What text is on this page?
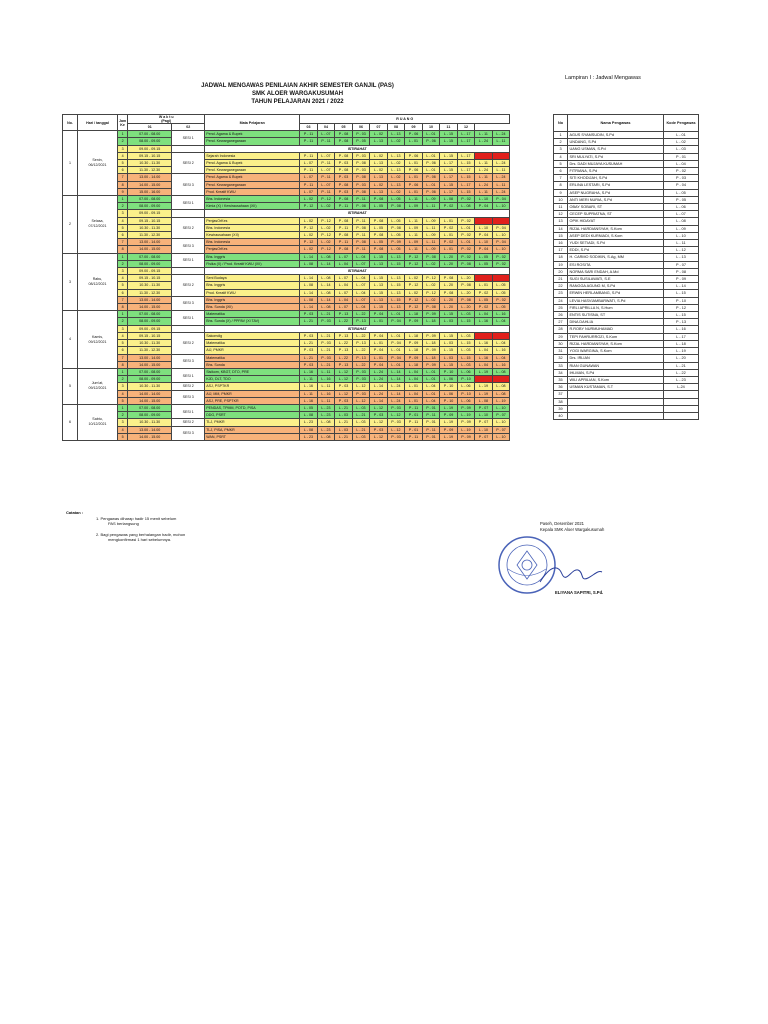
Lampiran I : Jadwal Mengawas
JADWAL MENGAWAS PENILAIAN AKHIR SEMESTER GANJIL (PAS)
SMK ALOER WARGAKUSUMAH
TAHUN PELAJARAN 2021 / 2022
No.	Hari / tanggal	Jam Ke	W a k t u
(Pagi)		Mata Pelajaran	R U A N G											
			01	02		03	04	05	06	07	08	09	10	11	12		
1	Senin,
06/12/2021	1	07.00 - 08.00	SESI 1	Pend. Agama & Bupek	P - 11	L - 07	P - 08	P - 03	L - 02	L - 13	P - 06	L - 01	L - 15	L - 17	L - 11	L - 24
		2	08.00 - 09.00		Pend. Kewarganegaraan	P - 11	P - 11	P - 08	P - 05	L - 13	L - 02	L - 01	P - 06	L - 15	L - 17	L - 24	L - 11
		3	09.00 - 09.15		ISTIRAHAT												
		4	09.15 - 10.15	SESI 2	Sejarah Indonesia	P - 11	L - 07	P - 08	P - 03	L - 02	L - 13	P - 06	L - 01	L - 15	L - 17		
		5	10.30 - 11.30		Pend. Agama & Bupek	L - 07	P - 11	P - 03	P - 08	L - 13	L - 02	L - 01	P - 06	L - 17	L - 15	L - 11	L - 24
		6	11.30 - 12.30		Pend. Kewarganegaraan	P - 11	L - 07	P - 08	P - 03	L - 02	L - 13	P - 06	L - 01	L - 15	L - 17	L - 24	L - 11
		7	13.00 - 14.00	SESI 3	Pend. Agama & Bupek	L - 07	P - 11	P - 03	P - 08	L - 13	L - 02	L - 01	P - 06	L - 17	L - 15	L - 11	L - 24
		8	14.00 - 15.00		Pend. Kewarganegaraan	P - 11	L - 07	P - 08	P - 03	L - 02	L - 13	P - 06	L - 01	L - 15	L - 17	L - 24	L - 11
		9	15.00 - 16.00		Prod. Kreatif KWU	L - 07	P - 11	P - 03	P - 08	L - 13	L - 02	L - 01	P - 06	L - 17	L - 15	L - 11	L - 24
2	Selasa,
07/12/2021	1	07.00 - 08.00	SESI 1	Bhs. Indonesia	L - 02	P - 12	P - 08	P - 11	P - 08	L - 05	L - 11	L - 09	L - 08	P - 02	L - 10	P - 04
		2	08.00 - 09.00		Kimia (X) / Kewirausahaan (XII)	P - 12	L - 02	P - 11	P - 08	L - 05	P - 08	L - 09	L - 11	P - 02	L - 08	P - 04	L - 10
		3	09.00 - 09.15		ISTIRAHAT												
		4	09.15 - 10.15	SESI 2	PenjasOrKes	L - 02	P - 12	P - 08	P - 11	P - 08	L - 05	L - 11	L - 09	L - 01	P - 02		
		5	10.30 - 11.30		Bhs. Indonesia	P - 12	L - 02	P - 11	P - 08	L - 05	P - 08	L - 09	L - 11	P - 02	L - 01	L - 10	P - 04
		6	11.30 - 12.30		Kewirausahaan (XII)	L - 02	P - 12	P - 08	P - 11	P - 08	L - 05	L - 11	L - 09	L - 01	P - 02	P - 04	L - 10
		7	13.00 - 14.00	SESI 3	Bhs. Indonesia	P - 12	L - 02	P - 11	P - 08	L - 05	P - 09	L - 09	L - 11	P - 02	L - 01	L - 10	P - 04
		8	14.00 - 15.00		PenjasOrKes	L - 02	P - 12	P - 08	P - 11	P - 08	L - 05	L - 11	L - 09	L - 01	P - 02	P - 04	L - 10
3	Rabu,
08/12/2021	1	07.00 - 08.00	SESI 1	Bhs. Inggris	L - 14	L - 08	L - 07	L - 04	L - 15	L - 13	P - 12	P - 08	L - 20	P - 02	L - 05	P - 02
		2	08.00 - 09.00		Fisika (X) / Prod. Kreatif KWU (XII)	L - 08	L - 14	L - 04	L - 07	L - 13	L - 15	P - 12	L - 02	L - 20	P - 08	L - 05	P - 02
		3	09.00 - 09.15		ISTIRAHAT												
		4	09.15 - 10.15	SESI 2	Seni Budaya	L - 14	L - 08	L - 07	L - 04	L - 15	L - 13	L - 02	P - 12	P - 08	L - 20		
		5	10.30 - 11.30		Bhs. Inggris	L - 08	L - 14	L - 04	L - 07	L - 13	L - 15	P - 12	L - 02	L - 20	P - 08	L - 01	L - 05
		6	11.30 - 12.30		Prod. Kreatif KWU	L - 14	L - 08	L - 07	L - 04	L - 15	L - 13	L - 02	P - 12	P - 08	L - 20	P - 02	L - 05
		7	13.00 - 14.00	SESI 3	Bhs. Inggris	L - 08	L - 14	L - 04	L - 07	L - 13	L - 15	P - 12	L - 02	L - 20	P - 08	L - 05	P - 02
		8	14.00 - 15.00		Bhs. Sunda (XII)	L - 14	L - 08	L - 07	L - 04	L - 15	L - 13	P - 12	P - 08	L - 20	L - 20	P - 02	L - 05
4	Kamis,
09/12/2021	1	07.00 - 08.00	SESI 1	Matematika	P - 03	L - 21	P - 13	L - 22	P - 04	L - 01	L - 18	P - 09	L - 15	L - 03	L - 04	L - 16
		2	08.00 - 09.00		Bhs. Sunda (X) / PPPAV (XI TAV)	L - 21	P - 03	L - 22	P - 13	L - 01	P - 04	P - 09	L - 18	L - 03	L - 15	L - 16	L - 04
		3	09.00 - 09.15		ISTIRAHAT												
		4	09.15 - 10.15	SESI 2	Sakomdig	P - 03	L - 21	P - 13	L - 22	P - 04	L - 01	L - 18	P - 09	L - 15	L - 03		
		5	10.30 - 11.30		Matematika	L - 21	P - 03	L - 22	P - 13	L - 01	P - 04	P - 09	L - 18	L - 03	L - 15	L - 16	L - 04
		6	11.30 - 12.30		AIJ, PMKR	P - 03	L - 21	P - 13	L - 22	P - 04	L - 01	L - 18	P - 09	L - 15	L - 03	L - 04	L - 16
		7	13.00 - 14.00	SESI 3	Matematika	L - 21	P - 03	L - 22	P - 13	L - 01	P - 04	P - 09	L - 18	L - 03	L - 15	L - 16	L - 04
		8	14.00 - 15.00		Bhs. Sunda	P - 03	L - 21	P - 13	L - 22	P - 04	L - 01	L - 18	P - 09	L - 15	L - 03	L - 04	L - 16
5	Jum'at,
09/12/2021	1	07.00 - 08.00	SESI 1	Sisikom, KBGT, DTO, PRE	L - 16	L - 11	L - 12	P - 03	L - 24	L - 14	L - 04	L - 01	P - 10	L - 06	L - 19	L - 08
		2	08.00 - 09.00		KJD, DLT, TDO	L - 11	L - 16	L - 12	P - 03	L - 24	L - 14	L - 04	L - 01	L - 06	P - 10		
		3	10.30 - 11.30	SESI 2	ASJ, PSPTKR	L - 16	L - 11	P - 03	L - 12	L - 14	L - 24	L - 01	L - 04	P - 10	L - 06	L - 19	L - 08
		4	14.00 - 14.00	SESI 3	AIJ, MM, PMKR	L - 11	L - 16	L - 12	P - 03	L - 24	L - 14	L - 04	L - 01	L - 06	P - 10	L - 19	L - 08
		5	14.00 - 15.00		ASJ, PRE, PSPTKR	L - 16	L - 11	P - 03	L - 12	L - 14	L - 24	L - 01	L - 04	P - 10	L - 06	L - 08	L - 19
6	Sabtu,
10/12/2021	1	07.00 - 08.00	SESI 1	PENDAS, TPMM, POTD, PISA	L - 05	L - 23	L - 21	L - 03	L - 12	P - 03	P - 11	P - 01	L - 19	P - 09	P - 07	L - 10
		2	08.00 - 09.00		DDG, PSRT	L - 08	L - 23	L - 03	L - 21	P - 03	L - 12	P - 01	P - 11	P - 09	L - 19	L - 10	P - 07
		3	10.30 - 11.30	SESI 2	TLJ, PMKR	L - 23	L - 08	L - 21	L - 03	L - 12	P - 03	P - 11	P - 01	L - 19	P - 09	P - 07	L - 10
		4	13.00 - 14.00	SESI 3	TLJ, PISA, PMKR	L - 08	L - 23	L - 03	L - 21	P - 03	L - 12	P - 01	P - 11	P - 09	L - 19	L - 10	P - 07
		5	14.00 - 15.00		WAN, PSRT	L - 23	L - 08	L - 21	L - 03	L - 12	P - 03	P - 11	P - 01	L - 19	P - 09	P - 07	L - 10
No	Nama Pengawas	Kode Pengawas
1	AGUS SYAMSUDIN, S.Pd	L - 01
2	UNDANG, S.Pd	L - 02
3	UANG USMAN, S.Pd	L - 03
4	SRI MULYATI, S.Pd	P - 01
5	Drs. DADI MUJAYA KUSUMAH	L - 04
6	FITRIANA, S.Pd	P - 02
7	SITI KHODIJAH, S.Pd	P - 03
8	ERLINA LESTARI, S.Pd	P - 04
9	ASEP NUGRAHA, S.Pd	L - 05
10	ANTI MERI NURIA, S.Pd	P - 05
11	OBAY SOBARI, ST	L - 06
12	CECEP SUPRIATNA, ST	L - 07
13	OPIK HIDAYAT	L - 08
14	RIZAL HARDIANSYAH, S.Kom	L - 09
15	ASEP DEDI KURNIADI, S.Kom	L - 10
16	YUDI SETIADI, S.Pd	L - 11
17	EDDI, S.Pd	L - 12
18	H. CARMO SODIKIN, S.Ag, MM	L - 13
19	ESI ROSITA	P - 07
20	NORMA SARI ENDAH, A.Md	P - 08
21	SUGI SUSILAWATI, S.E	P - 09
22	RANGGA AGUNG M, S.Pd	L - 14
23	ERWIN HERLAMBANG, S.Pd	L - 15
24	LEVIA HASVIAMBARWATI, S.Pd	P - 10
25	FIRLI APRILLA N, S.Hum	P - 12
26	ENTIS SUTISNA, ST	L - 15
27	DINA DAHLIA	P - 13
28	R.ROBY NURMUHAMAD	L - 16
29	TEPI FAHRURROZI, S.Kom	L - 17
30	RIZAL HARDIANSYAH, S.Kom	L - 18
31	YOGI WARGINA, S.Kom	L - 19
32	Drs. IRLIAN	L - 20
33	RIAN GUNAWAN	L - 21
34	IHLMAN, S.Pd	L - 22
35	WILI APRILIAN, S.Kom	L - 23
36	USMAN KUSTAMAN, S.T	L-24
37		
38		
39		
40		
Catatan :
1. Pengawas diharap hadir 15 menit sebelum
PAS berlangsung
2. Bagi pengawas yang berhalangan hadir, mohon
mengkonfirmasi 1 hari sebelumnya.
Paseh, Desember 2021
Kepala SMK Aloer Wargakusumah
ELIYANA SAPITRI, S.Pd.
